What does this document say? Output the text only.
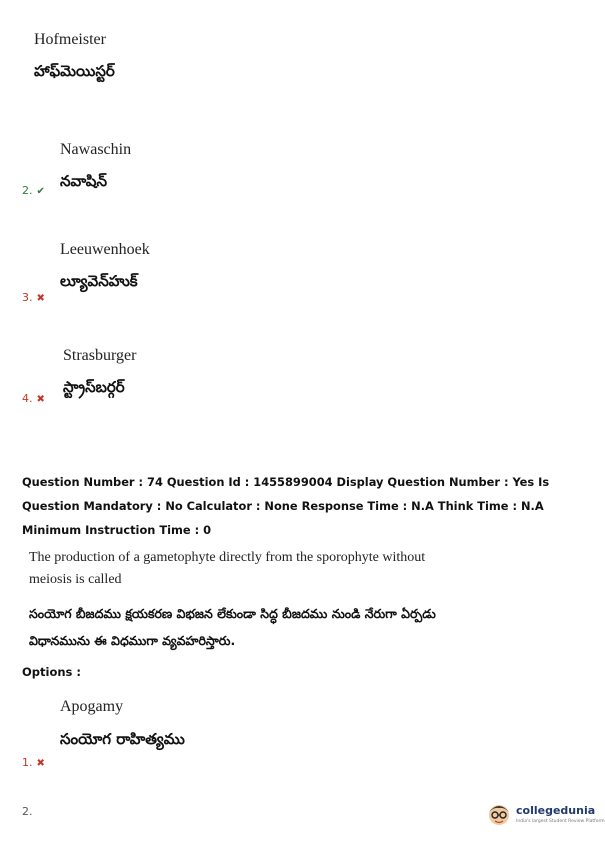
Hofmeister
హాఫ్‌మెయిస్టర్
Nawaschin
నవాషిన్
2. ✔
Leeuwenhoek
ల్యూవెన్‌హుక్
3. ✖
Strasburger
స్ట్రాస్‌బర్గర్
4. ✖
Question Number : 74 Question Id : 1455899004 Display Question Number : Yes Is Question Mandatory : No Calculator : None Response Time : N.A Think Time : N.A Minimum Instruction Time : 0
The production of a gametophyte directly from the sporophyte without meiosis is called
సంయోగ బీజదము క్షయకరణ విభజన లేకుండా సిద్ధ బీజదము నుండి నేరుగా ఏర్పడు విధానమును ఈ విధముగా వ్యవహరిస్తారు.
Options :
Apogamy
సంయోగ రాహిత్యము
1. ✖
2.	collegedunia
India's largest Student Review Platform
